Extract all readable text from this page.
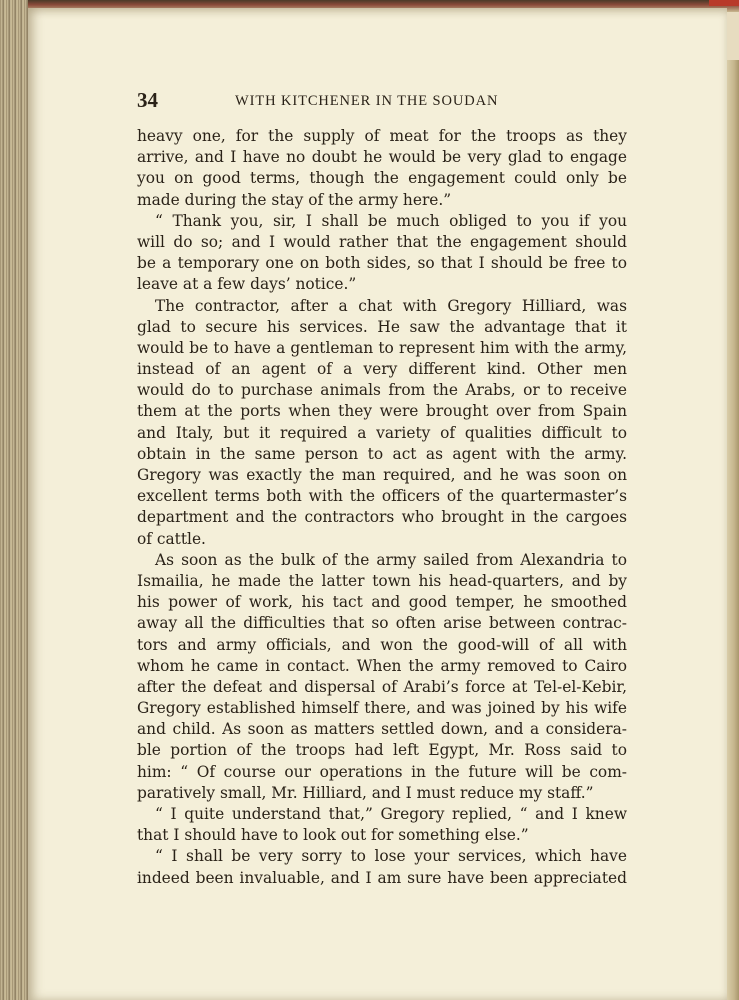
34	WITH KITCHENER IN THE SOUDAN
heavy one, for the supply of meat for the troops as they
arrive, and I have no doubt he would be very glad to engage
you on good terms, though the engagement could only be
made during the stay of the army here.”
“ Thank you, sir, I shall be much obliged to you if you
will do so; and I would rather that the engagement should
be a temporary one on both sides, so that I should be free to
leave at a few days’ notice.”
The contractor, after a chat with Gregory Hilliard, was
glad to secure his services. He saw the advantage that it
would be to have a gentleman to represent him with the army,
instead of an agent of a very different kind. Other men
would do to purchase animals from the Arabs, or to receive
them at the ports when they were brought over from Spain
and Italy, but it required a variety of qualities difficult to
obtain in the same person to act as agent with the army.
Gregory was exactly the man required, and he was soon on
excellent terms both with the officers of the quartermaster’s
department and the contractors who brought in the cargoes
of cattle.
As soon as the bulk of the army sailed from Alexandria to
Ismailia, he made the latter town his head-quarters, and by
his power of work, his tact and good temper, he smoothed
away all the difficulties that so often arise between contrac-
tors and army officials, and won the good-will of all with
whom he came in contact. When the army removed to Cairo
after the defeat and dispersal of Arabi’s force at Tel-el-Kebir,
Gregory established himself there, and was joined by his wife
and child. As soon as matters settled down, and a considera-
ble portion of the troops had left Egypt, Mr. Ross said to
him: “ Of course our operations in the future will be com-
paratively small, Mr. Hilliard, and I must reduce my staff.”
“ I quite understand that,” Gregory replied, “ and I knew
that I should have to look out for something else.”
“ I shall be very sorry to lose your services, which have
indeed been invaluable, and I am sure have been appreciated
